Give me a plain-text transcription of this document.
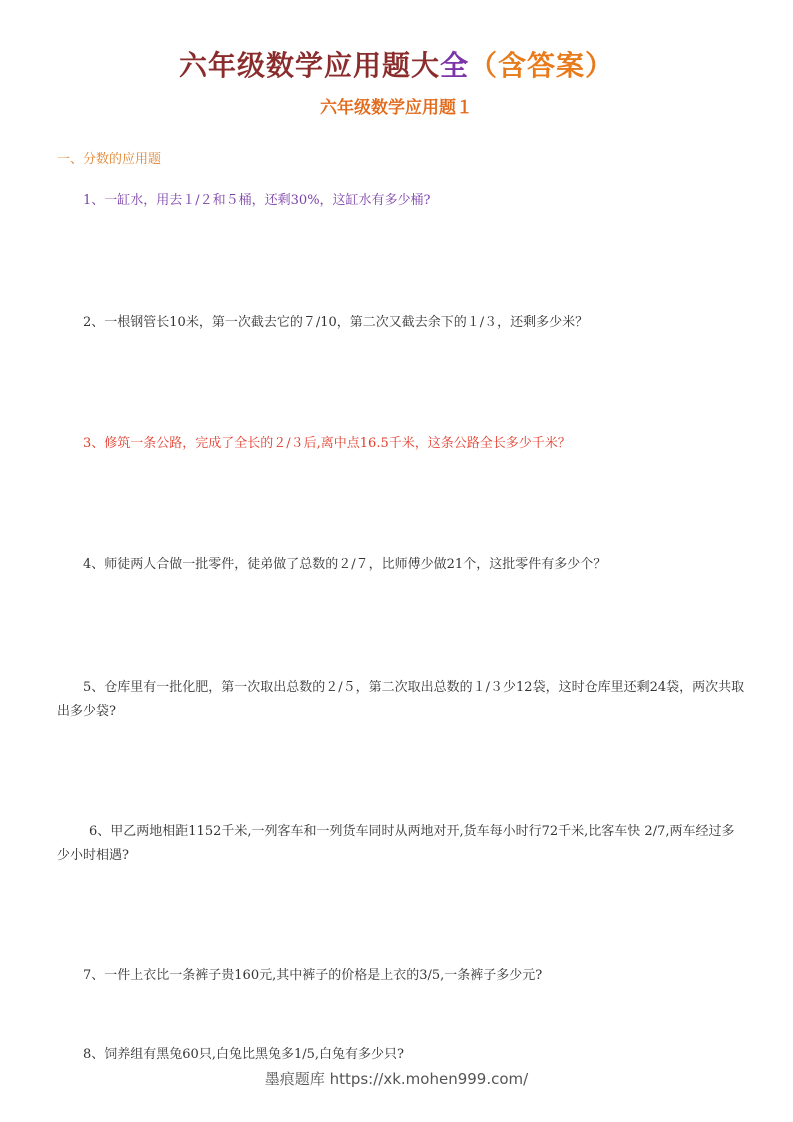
六年级数学应用题大全（含答案）
六年级数学应用题１
一、分数的应用题
1、一缸水，用去１/２和５桶，还剩30%，这缸水有多少桶?
2、一根钢管长10米，第一次截去它的７/10，第二次又截去余下的１/３，还剩多少米？
3、修筑一条公路，完成了全长的２/３后,离中点16.5千米，这条公路全长多少千米？
4、师徒两人合做一批零件，徒弟做了总数的２/７，比师傅少做21个，这批零件有多少个？
5、仓库里有一批化肥，第一次取出总数的２/５，第二次取出总数的１/３少12袋，这时仓库里还剩24袋，两次共取出多少袋?
6、甲乙两地相距1152千米,一列客车和一列货车同时从两地对开,货车每小时行72千米,比客车快 2/7,两车经过多少小时相遇?
7、一件上衣比一条裤子贵160元,其中裤子的价格是上衣的3/5,一条裤子多少元?
8、饲养组有黑兔60只,白兔比黑兔多1/5,白兔有多少只?
墨痕题库 https://xk.mohen999.com/
